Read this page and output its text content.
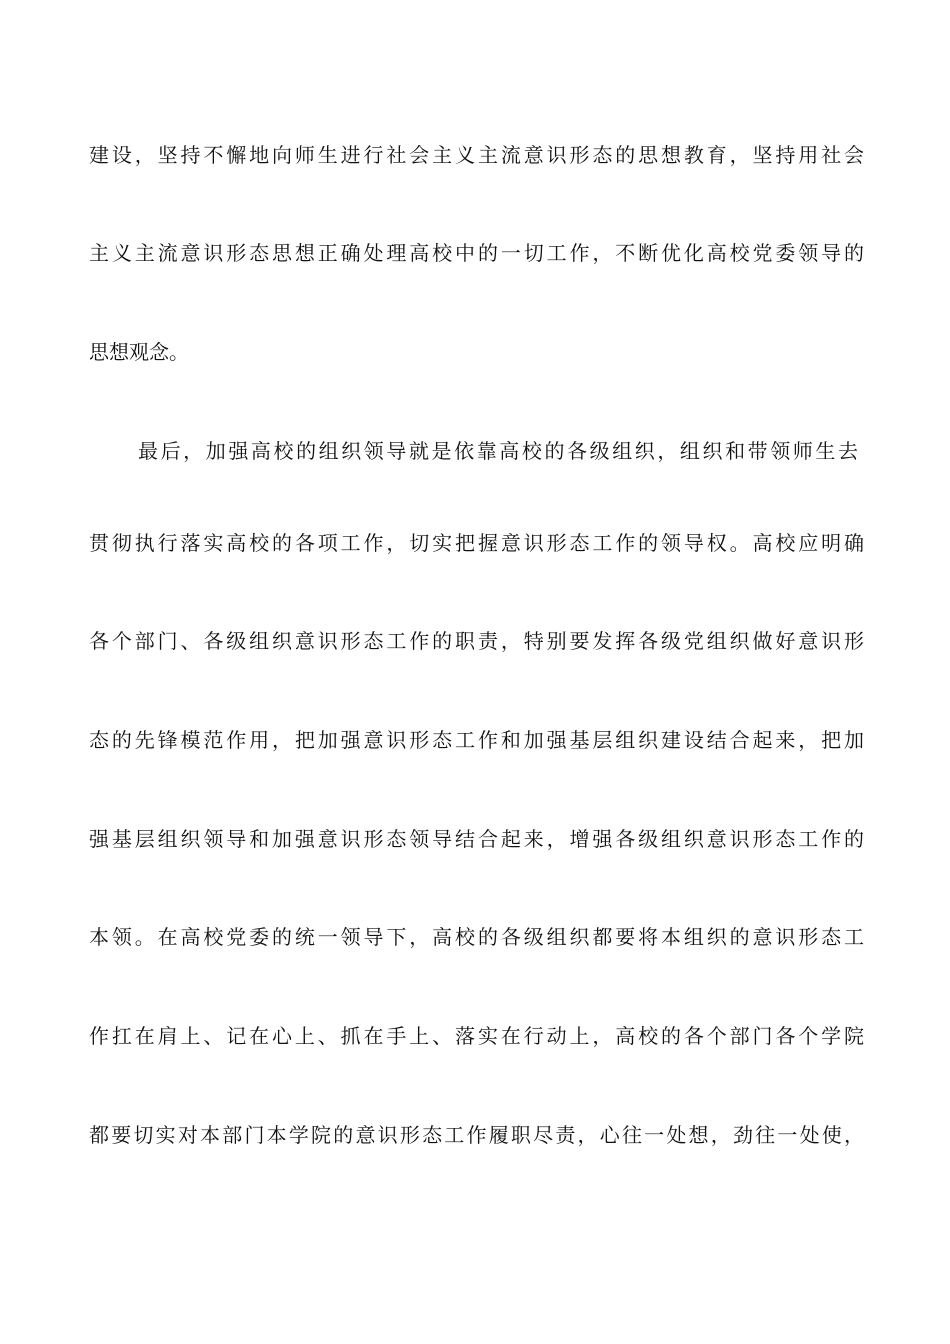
建设，坚持不懈地向师生进行社会主义主流意识形态的思想教育，坚持用社会
主义主流意识形态思想正确处理高校中的一切工作，不断优化高校党委领导的
思想观念。
最后，加强高校的组织领导就是依靠高校的各级组织，组织和带领师生去
贯彻执行落实高校的各项工作，切实把握意识形态工作的领导权。高校应明确
各个部门、各级组织意识形态工作的职责，特别要发挥各级党组织做好意识形
态的先锋模范作用，把加强意识形态工作和加强基层组织建设结合起来，把加
强基层组织领导和加强意识形态领导结合起来，增强各级组织意识形态工作的
本领。在高校党委的统一领导下，高校的各级组织都要将本组织的意识形态工
作扛在肩上、记在心上、抓在手上、落实在行动上，高校的各个部门各个学院
都要切实对本部门本学院的意识形态工作履职尽责，心往一处想，劲往一处使，
